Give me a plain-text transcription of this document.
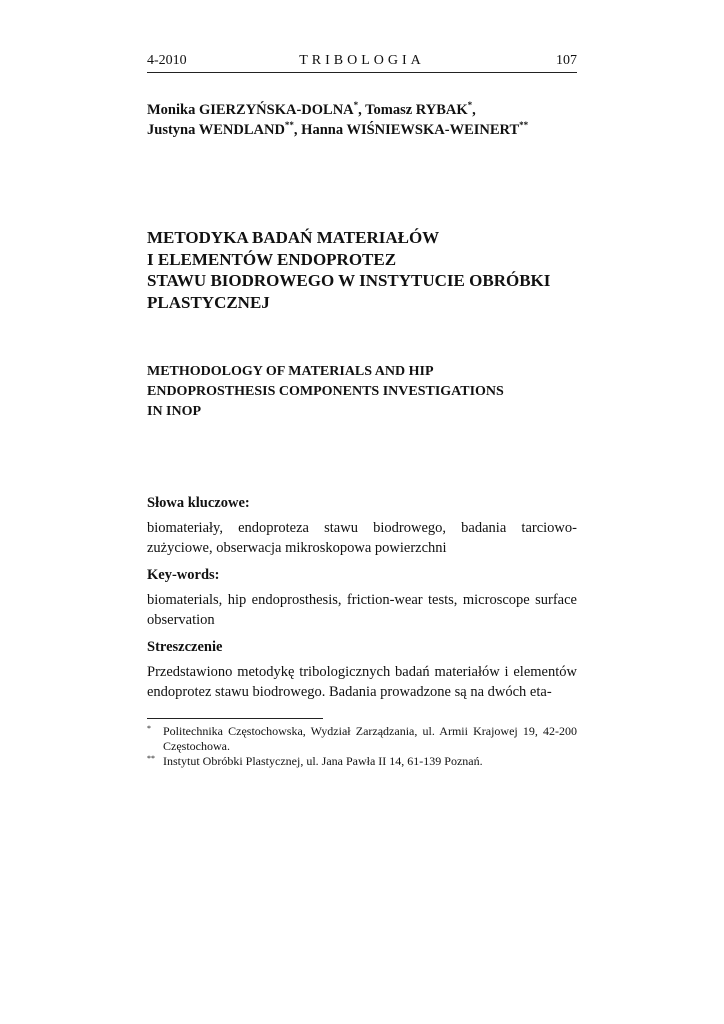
4-2010	TRIBOLOGIA	107
Monika GIERZYŃSKA-DOLNA*, Tomasz RYBAK*,
Justyna WENDLAND**, Hanna WIŚNIEWSKA-WEINERT**
METODYKA BADAŃ MATERIAŁÓW
I ELEMENTÓW ENDOPROTEZ
STAWU BIODROWEGO W INSTYTUCIE OBRÓBKI
PLASTYCZNEJ
METHODOLOGY OF MATERIALS AND HIP
ENDOPROSTHESIS COMPONENTS INVESTIGATIONS
IN INOP
Słowa kluczowe:
biomateriały, endoproteza stawu biodrowego, badania tarciowo-zużyciowe, obserwacja mikroskopowa powierzchni
Key-words:
biomaterials, hip endoprosthesis, friction-wear tests, microscope surface observation
Streszczenie
Przedstawiono metodykę tribologicznych badań materiałów i elementów endoprotez stawu biodrowego. Badania prowadzone są na dwóch eta-
* Politechnika Częstochowska, Wydział Zarządzania, ul. Armii Krajowej 19, 42-200 Częstochowa.
** Instytut Obróbki Plastycznej, ul. Jana Pawła II 14, 61-139 Poznań.
